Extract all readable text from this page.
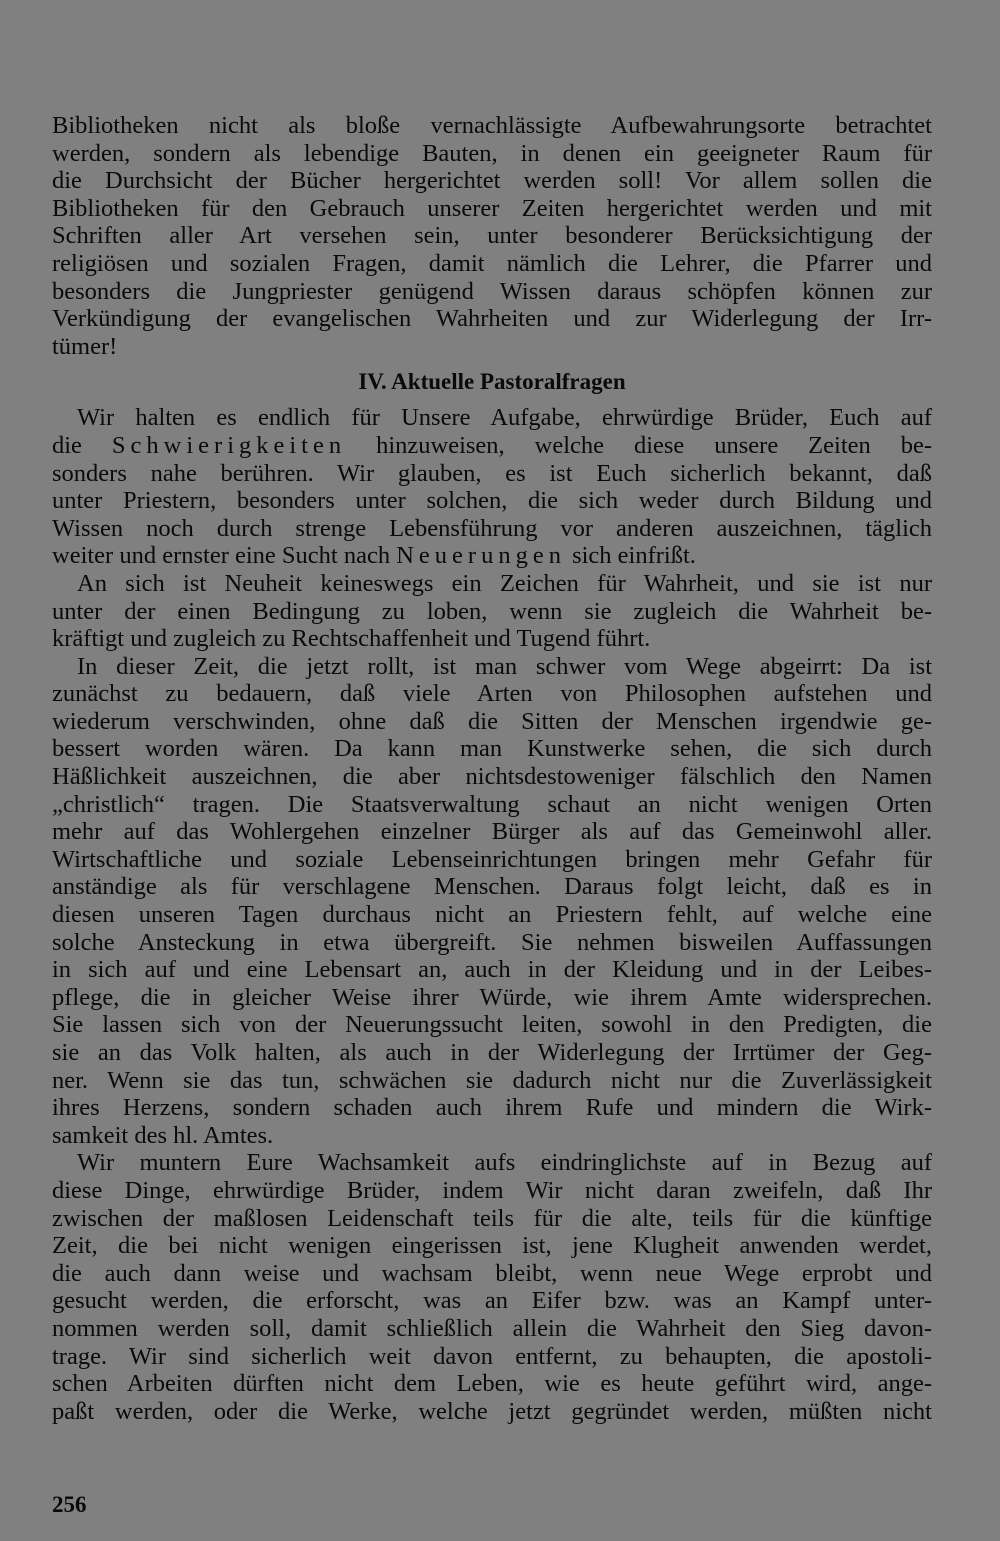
Bibliotheken nicht als bloße vernachlässigte Aufbewahrungsorte betrachtet
werden, sondern als lebendige Bauten, in denen ein geeigneter Raum für
die Durchsicht der Bücher hergerichtet werden soll! Vor allem sollen die
Bibliotheken für den Gebrauch unserer Zeiten hergerichtet werden und mit
Schriften aller Art versehen sein, unter besonderer Berücksichtigung der
religiösen und sozialen Fragen, damit nämlich die Lehrer, die Pfarrer und
besonders die Jungpriester genügend Wissen daraus schöpfen können zur
Verkündigung der evangelischen Wahrheiten und zur Widerlegung der Irr-
tümer!
IV. Aktuelle Pastoralfragen
Wir halten es endlich für Unsere Aufgabe, ehrwürdige Brüder, Euch auf
die Schwierigkeiten hinzuweisen, welche diese unsere Zeiten be-
sonders nahe berühren. Wir glauben, es ist Euch sicherlich bekannt, daß
unter Priestern, besonders unter solchen, die sich weder durch Bildung und
Wissen noch durch strenge Lebensführung vor anderen auszeichnen, täglich
weiter und ernster eine Sucht nach Neuerungen sich einfrißt.
An sich ist Neuheit keineswegs ein Zeichen für Wahrheit, und sie ist nur
unter der einen Bedingung zu loben, wenn sie zugleich die Wahrheit be-
kräftigt und zugleich zu Rechtschaffenheit und Tugend führt.
In dieser Zeit, die jetzt rollt, ist man schwer vom Wege abgeirrt: Da ist
zunächst zu bedauern, daß viele Arten von Philosophen aufstehen und
wiederum verschwinden, ohne daß die Sitten der Menschen irgendwie ge-
bessert worden wären. Da kann man Kunstwerke sehen, die sich durch
Häßlichkeit auszeichnen, die aber nichtsdestoweniger fälschlich den Namen
„christlich“ tragen. Die Staatsverwaltung schaut an nicht wenigen Orten
mehr auf das Wohlergehen einzelner Bürger als auf das Gemeinwohl aller.
Wirtschaftliche und soziale Lebenseinrichtungen bringen mehr Gefahr für
anständige als für verschlagene Menschen. Daraus folgt leicht, daß es in
diesen unseren Tagen durchaus nicht an Priestern fehlt, auf welche eine
solche Ansteckung in etwa übergreift. Sie nehmen bisweilen Auffassungen
in sich auf und eine Lebensart an, auch in der Kleidung und in der Leibes-
pflege, die in gleicher Weise ihrer Würde, wie ihrem Amte widersprechen.
Sie lassen sich von der Neuerungssucht leiten, sowohl in den Predigten, die
sie an das Volk halten, als auch in der Widerlegung der Irrtümer der Geg-
ner. Wenn sie das tun, schwächen sie dadurch nicht nur die Zuverlässigkeit
ihres Herzens, sondern schaden auch ihrem Rufe und mindern die Wirk-
samkeit des hl. Amtes.
Wir muntern Eure Wachsamkeit aufs eindringlichste auf in Bezug auf
diese Dinge, ehrwürdige Brüder, indem Wir nicht daran zweifeln, daß Ihr
zwischen der maßlosen Leidenschaft teils für die alte, teils für die künftige
Zeit, die bei nicht wenigen eingerissen ist, jene Klugheit anwenden werdet,
die auch dann weise und wachsam bleibt, wenn neue Wege erprobt und
gesucht werden, die erforscht, was an Eifer bzw. was an Kampf unter-
nommen werden soll, damit schließlich allein die Wahrheit den Sieg davon-
trage. Wir sind sicherlich weit davon entfernt, zu behaupten, die apostoli-
schen Arbeiten dürften nicht dem Leben, wie es heute geführt wird, ange-
paßt werden, oder die Werke, welche jetzt gegründet werden, müßten nicht
256
